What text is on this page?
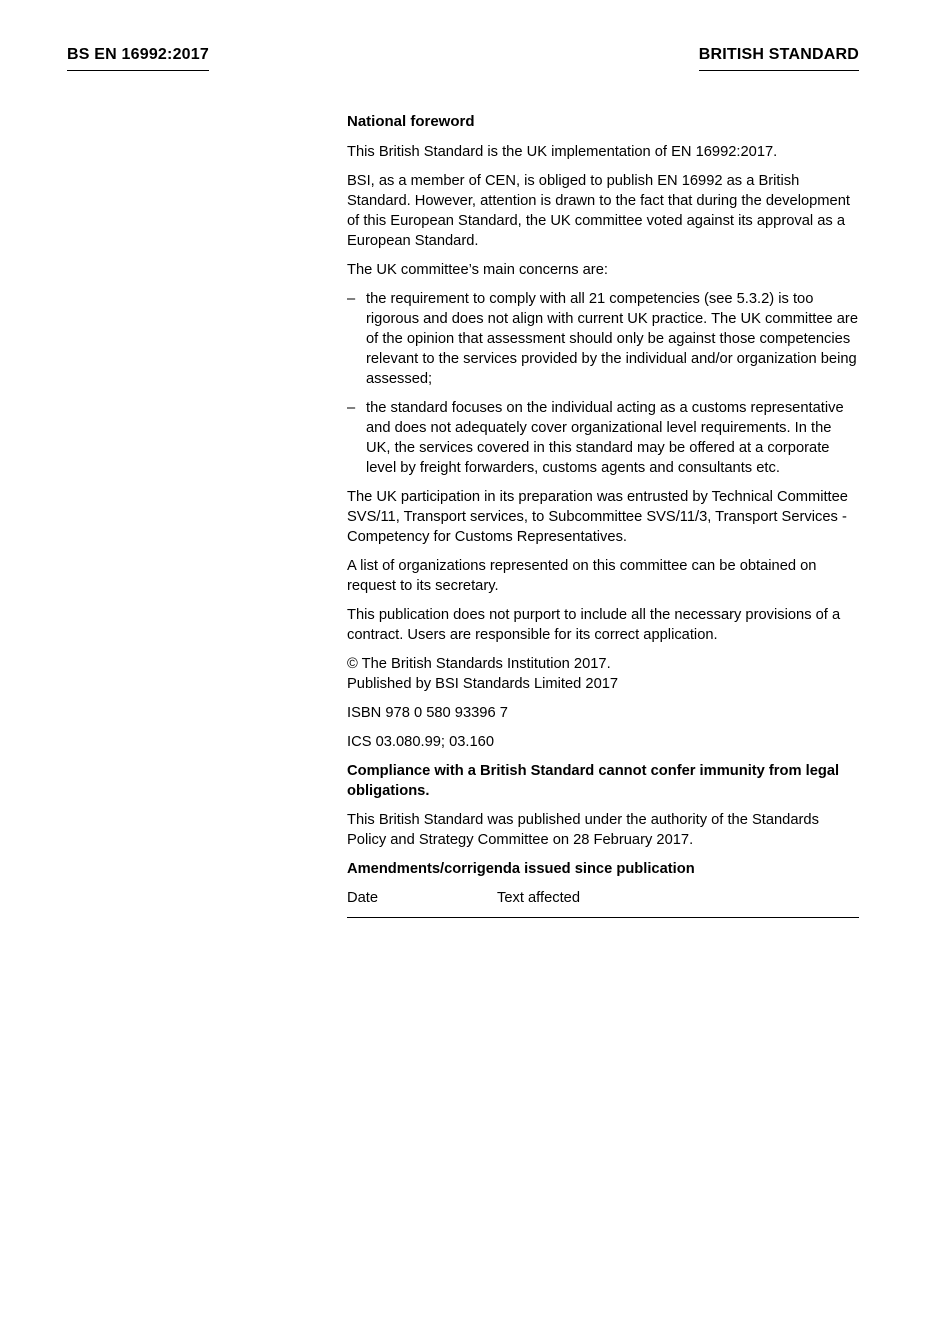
BS EN 16992:2017	BRITISH STANDARD
National foreword

This British Standard is the UK implementation of EN 16992:2017.

BSI, as a member of CEN, is obliged to publish EN 16992 as a British Standard. However, attention is drawn to the fact that during the development of this European Standard, the UK committee voted against its approval as a European Standard.

The UK committee’s main concerns are:

– the requirement to comply with all 21 competencies (see 5.3.2) is too rigorous and does not align with current UK practice. The UK committee are of the opinion that assessment should only be against those competencies relevant to the services provided by the individual and/or organization being assessed;
– the standard focuses on the individual acting as a customs representative and does not adequately cover organizational level requirements. In the UK, the services covered in this standard may be offered at a corporate level by freight forwarders, customs agents and consultants etc.

The UK participation in its preparation was entrusted by Technical Committee SVS/11, Transport services, to Subcommittee SVS/11/3, Transport Services - Competency for Customs Representatives.

A list of organizations represented on this committee can be obtained on request to its secretary.

This publication does not purport to include all the necessary provisions of a contract. Users are responsible for its correct application.

© The British Standards Institution 2017.
Published by BSI Standards Limited 2017

ISBN 978 0 580 93396 7

ICS 03.080.99; 03.160

Compliance with a British Standard cannot confer immunity from legal obligations.

This British Standard was published under the authority of the Standards Policy and Strategy Committee on 28 February 2017.

Amendments/corrigenda issued since publication
Date	Text affected
